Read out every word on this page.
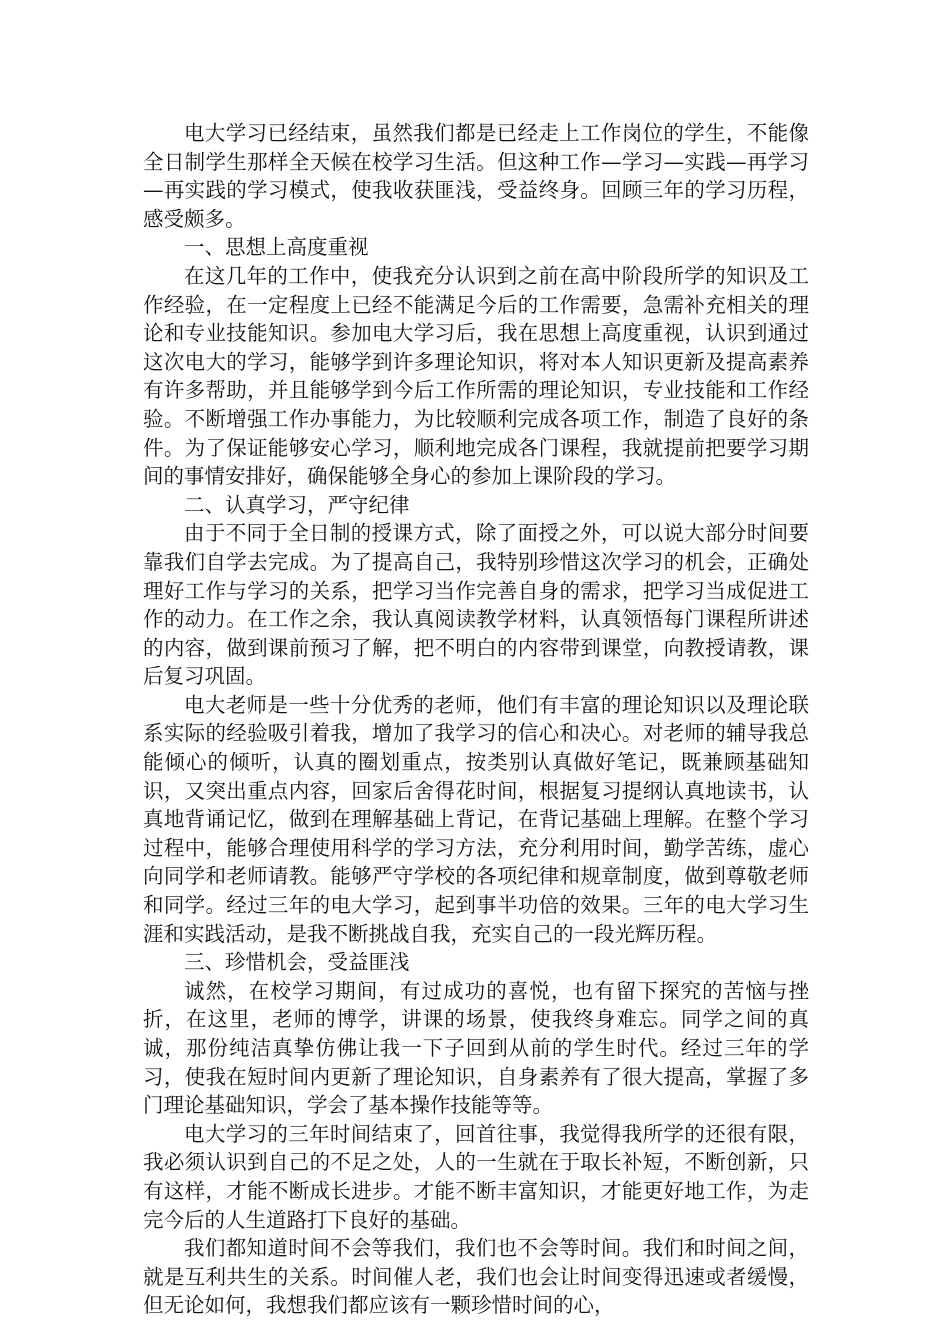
电大学习已经结束，虽然我们都是已经走上工作岗位的学生，不能像全日制学生那样全天候在校学习生活。但这种工作—学习—实践—再学习—再实践的学习模式，使我收获匪浅，受益终身。回顾三年的学习历程，感受颇多。

一、思想上高度重视

在这几年的工作中，使我充分认识到之前在高中阶段所学的知识及工作经验，在一定程度上已经不能满足今后的工作需要，急需补充相关的理论和专业技能知识。参加电大学习后，我在思想上高度重视，认识到通过这次电大的学习，能够学到许多理论知识，将对本人知识更新及提高素养有许多帮助，并且能够学到今后工作所需的理论知识，专业技能和工作经验。不断增强工作办事能力，为比较顺利完成各项工作，制造了良好的条件。为了保证能够安心学习，顺利地完成各门课程，我就提前把要学习期间的事情安排好，确保能够全身心的参加上课阶段的学习。

二、认真学习，严守纪律

由于不同于全日制的授课方式，除了面授之外，可以说大部分时间要靠我们自学去完成。为了提高自己，我特别珍惜这次学习的机会，正确处理好工作与学习的关系，把学习当作完善自身的需求，把学习当成促进工作的动力。在工作之余，我认真阅读教学材料，认真领悟每门课程所讲述的内容，做到课前预习了解，把不明白的内容带到课堂，向教授请教，课后复习巩固。

电大老师是一些十分优秀的老师，他们有丰富的理论知识以及理论联系实际的经验吸引着我，增加了我学习的信心和决心。对老师的辅导我总能倾心的倾听，认真的圈划重点，按类别认真做好笔记，既兼顾基础知识，又突出重点内容，回家后舍得花时间，根据复习提纲认真地读书，认真地背诵记忆，做到在理解基础上背记，在背记基础上理解。在整个学习过程中，能够合理使用科学的学习方法，充分利用时间，勤学苦练，虚心向同学和老师请教。能够严守学校的各项纪律和规章制度，做到尊敬老师和同学。经过三年的电大学习，起到事半功倍的效果。三年的电大学习生涯和实践活动，是我不断挑战自我，充实自己的一段光辉历程。

三、珍惜机会，受益匪浅

诚然，在校学习期间，有过成功的喜悦，也有留下探究的苦恼与挫折，在这里，老师的博学，讲课的场景，使我终身难忘。同学之间的真诚，那份纯洁真挚仿佛让我一下子回到从前的学生时代。经过三年的学习，使我在短时间内更新了理论知识，自身素养有了很大提高，掌握了多门理论基础知识，学会了基本操作技能等等。

电大学习的三年时间结束了，回首往事，我觉得我所学的还很有限，我必须认识到自己的不足之处，人的一生就在于取长补短，不断创新，只有这样，才能不断成长进步。才能不断丰富知识，才能更好地工作，为走完今后的人生道路打下良好的基础。

我们都知道时间不会等我们，我们也不会等时间。我们和时间之间，就是互利共生的关系。时间催人老，我们也会让时间变得迅速或者缓慢，但无论如何，我想我们都应该有一颗珍惜时间的心，
